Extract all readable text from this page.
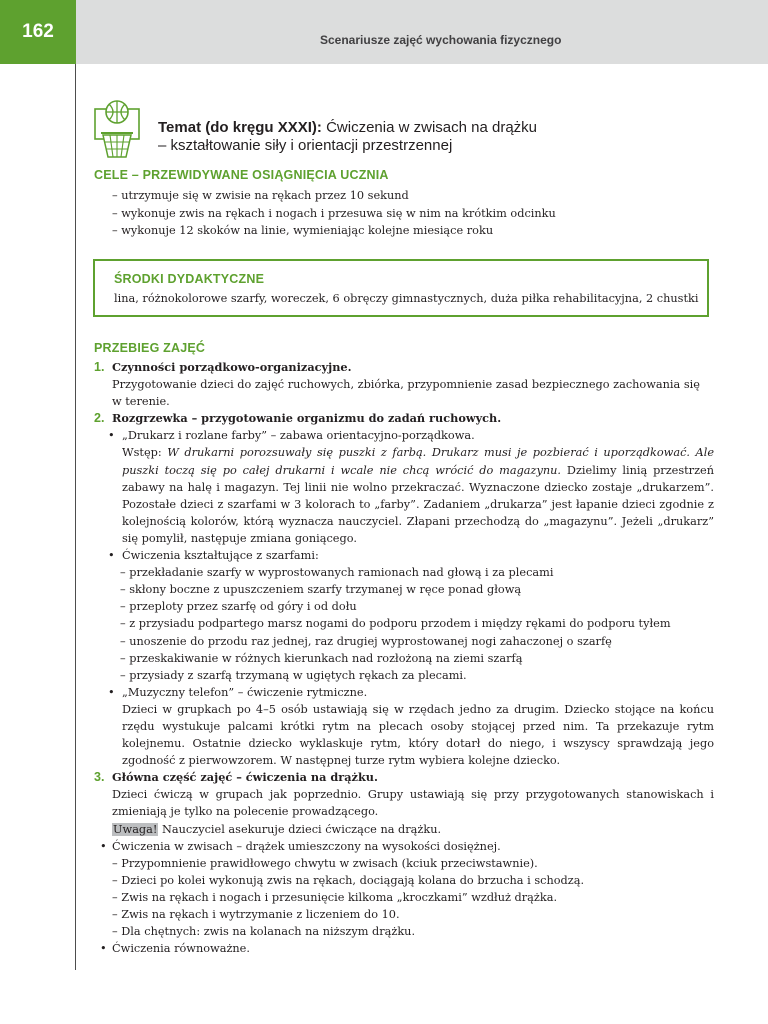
162	Scenariusze zajęć wychowania fizycznego
Temat (do kręgu XXXI): Ćwiczenia w zwisach na drążku
– kształtowanie siły i orientacji przestrzennej
CELE – PRZEWIDYWANE OSIĄGNIĘCIA UCZNIA
– utrzymuje się w zwisie na rękach przez 10 sekund
– wykonuje zwis na rękach i nogach i przesuwa się w nim na krótkim odcinku
– wykonuje 12 skoków na linie, wymieniając kolejne miesiące roku
ŚRODKI DYDAKTYCZNE
lina, różnokolorowe szarfy, woreczek, 6 obręczy gimnastycznych, duża piłka rehabilitacyjna, 2 chustki
PRZEBIEG ZAJĘĆ
1. Czynności porządkowo-organizacyjne.
Przygotowanie dzieci do zajęć ruchowych, zbiórka, przypomnienie zasad bezpiecznego zachowania się
w terenie.
2. Rozgrzewka – przygotowanie organizmu do zadań ruchowych.
• „Drukarz i rozlane farby” – zabawa orientacyjno-porządkowa.
Wstęp: W drukarni porozsuwały się puszki z farbą. Drukarz musi je pozbierać i uporządkować. Ale puszki toczą się po całej drukarni i wcale nie chcą wrócić do magazynu. Dzielimy linią przestrzeń zabawy na halę i magazyn. Tej linii nie wolno przekraczać. Wyznaczone dziecko zostaje „drukarzem”. Pozostałe dzieci z szarfami w 3 kolorach to „farby”. Zadaniem „drukarza” jest łapanie dzieci zgodnie z kolejnością kolorów, którą wyznacza nauczyciel. Złapani przechodzą do „magazynu”. Jeżeli „drukarz” się pomylił, następuje zmiana goniącego.
• Ćwiczenia kształtujące z szarfami:
– przekładanie szarfy w wyprostowanych ramionach nad głową i za plecami
– skłony boczne z upuszczeniem szarfy trzymanej w ręce ponad głową
– przeploty przez szarfę od góry i od dołu
– z przysiadu podpartego marsz nogami do podporu przodem i między rękami do podporu tyłem
– unoszenie do przodu raz jednej, raz drugiej wyprostowanej nogi zahaczonej o szarfę
– przeskakiwanie w różnych kierunkach nad rozłożoną na ziemi szarfą
– przysiady z szarfą trzymaną w ugiętych rękach za plecami.
• „Muzyczny telefon” – ćwiczenie rytmiczne.
Dzieci w grupkach po 4–5 osób ustawiają się w rzędach jedno za drugim. Dziecko stojące na końcu rzędu wystukuje palcami krótki rytm na plecach osoby stojącej przed nim. Ta przekazuje rytm kolejnemu. Ostatnie dziecko wyklaskuje rytm, który dotarł do niego, i wszyscy sprawdzają jego zgodność z pierwowzorem. W następnej turze rytm wybiera kolejne dziecko.
3. Główna część zajęć – ćwiczenia na drążku.
Dzieci ćwiczą w grupach jak poprzednio. Grupy ustawiają się przy przygotowanych stanowiskach i zmieniają je tylko na polecenie prowadzącego.
Uwaga! Nauczyciel asekuruje dzieci ćwiczące na drążku.
• Ćwiczenia w zwisach – drążek umieszczony na wysokości dosiężnej.
– Przypomnienie prawidłowego chwytu w zwisach (kciuk przeciwstawnie).
– Dzieci po kolei wykonują zwis na rękach, dociągają kolana do brzucha i schodzą.
– Zwis na rękach i nogach i przesunięcie kilkoma „kroczkami” wzdłuż drążka.
– Zwis na rękach i wytrzymanie z liczeniem do 10.
– Dla chętnych: zwis na kolanach na niższym drążku.
• Ćwiczenia równoważne.
